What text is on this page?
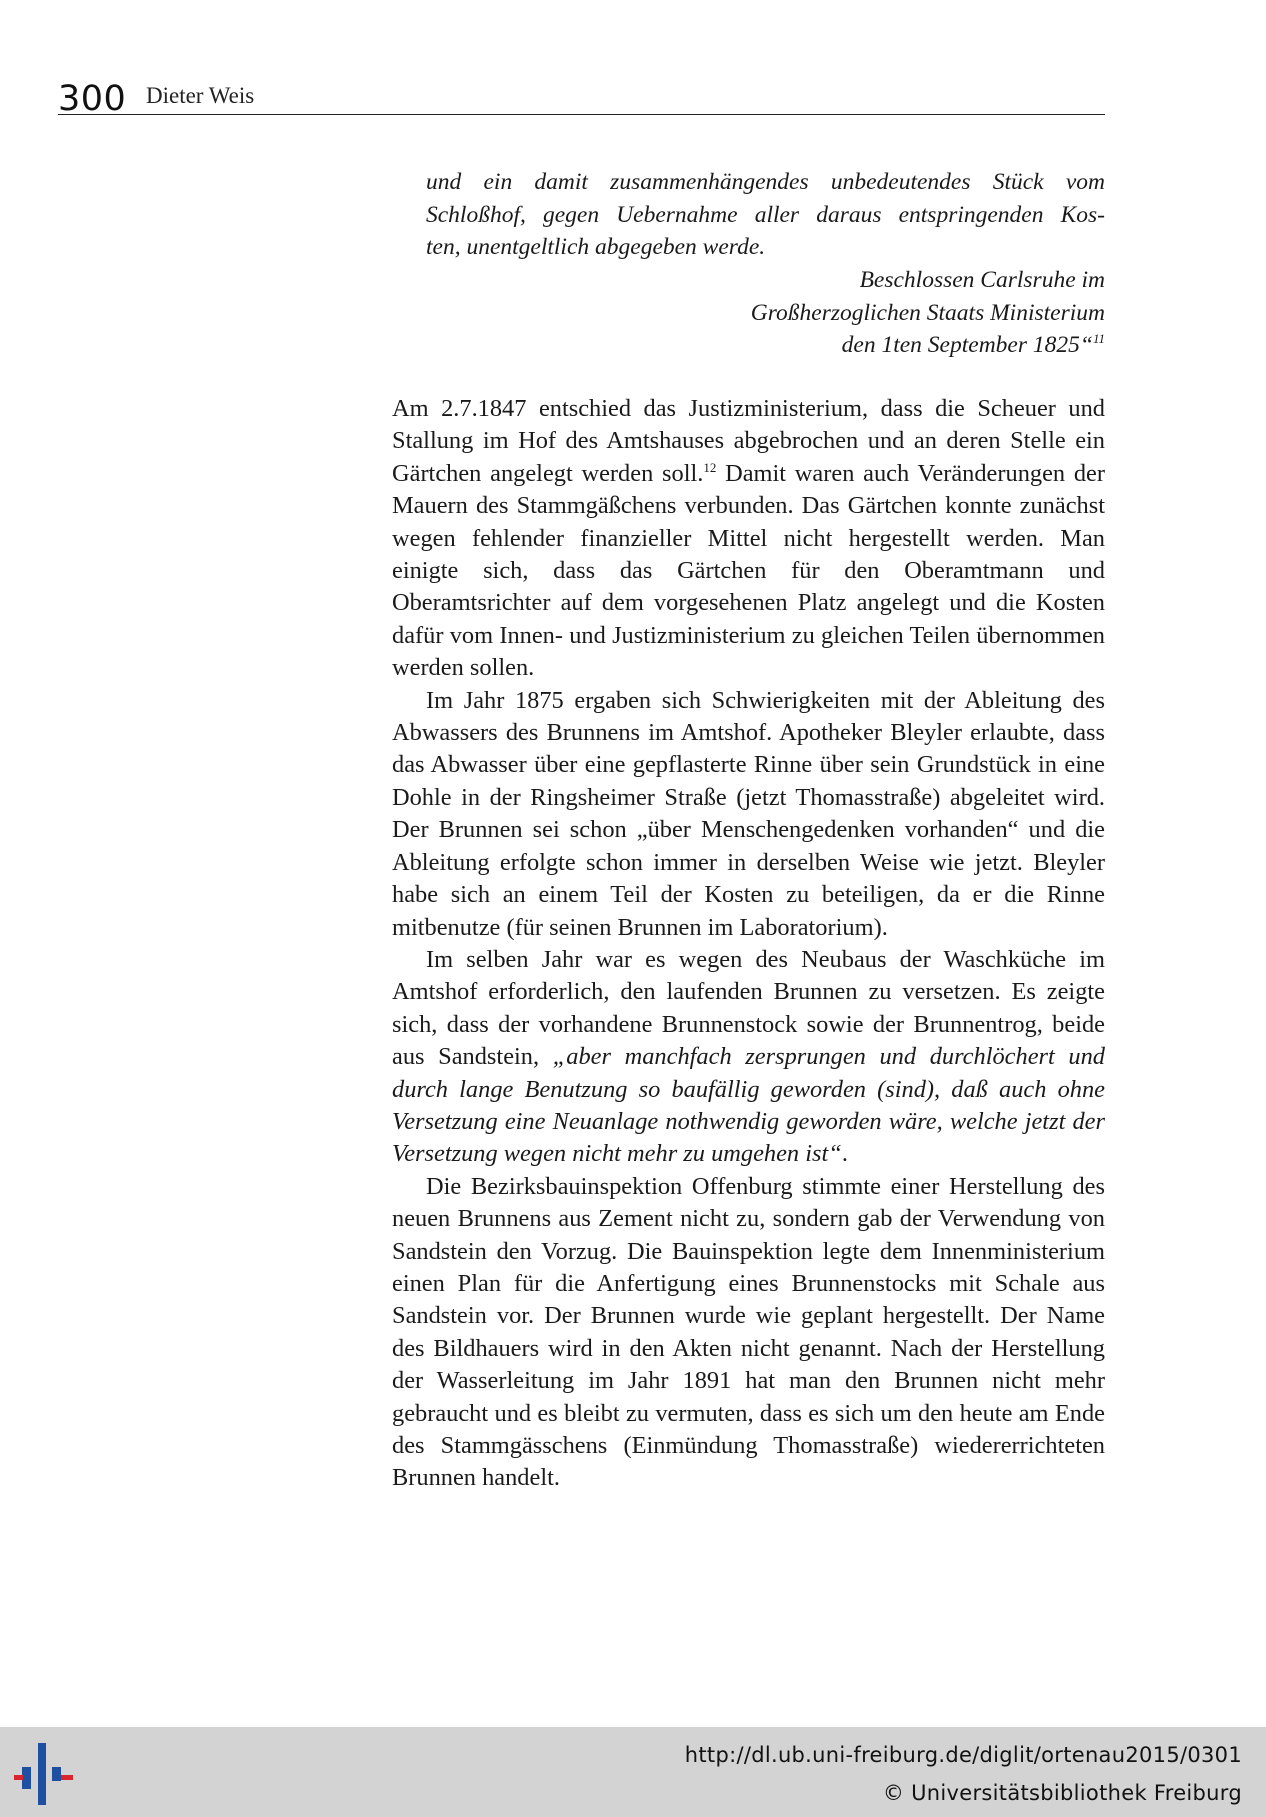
300 Dieter Weis

und ein damit zusammenhängendes unbedeutendes Stück vom

Schloßhof, gegen Uebernahme aller daraus entspringenden Kos-

ten, unentgeltlich abgegeben werde.

Beschlossen Carlsruhe im
Großherzoglichen Staats Ministerium
den 1ten September 1825“$^{11}$

Am 2.7.1847 entschied das Justizministerium, dass die Scheuer und Stallung im Hof des Amtshauses abgebrochen und an deren Stelle ein Gärtchen angelegt werden soll.$^{12}$ Damit waren auch Veränderungen der Mauern des Stammgäßchens verbunden. Das Gärtchen konnte zunächst wegen fehlender finanzieller Mittel nicht hergestellt werden. Man einigte sich, dass das Gärtchen für den Oberamtmann und Oberamtsrichter auf dem vorgesehenen Platz angelegt und die Kosten dafür vom Innen- und Justizministerium zu gleichen Teilen übernommen werden sollen.

Im Jahr 1875 ergaben sich Schwierigkeiten mit der Ableitung des Abwassers des Brunnens im Amtshof. Apotheker Bleyler erlaubte, dass das Abwasser über eine gepflasterte Rinne über sein Grundstück in eine Dohle in der Ringsheimer Straße (jetzt Thomasstraße) abgeleitet wird. Der Brunnen sei schon „über Menschengedenken vorhanden“ und die Ableitung erfolgte schon immer in derselben Weise wie jetzt. Bleyler habe sich an einem Teil der Kosten zu beteiligen, da er die Rinne mitbenutze (für seinen Brunnen im Laboratorium).

Im selben Jahr war es wegen des Neubaus der Waschküche im Amtshof erforderlich, den laufenden Brunnen zu versetzen. Es zeigte sich, dass der vorhandene Brunnenstock sowie der Brunnentrog, beide aus Sandstein, „aber manchfach zersprungen und durchlöchert und durch lange Benutzung so baufällig geworden (sind), daß auch ohne Versetzung eine Neuanlage nothwendig geworden wäre, welche jetzt der Versetzung wegen nicht mehr zu umgehen ist“.

Die Bezirksbauinspektion Offenburg stimmte einer Herstellung des neuen Brunnens aus Zement nicht zu, sondern gab der Verwendung von Sandstein den Vorzug. Die Bauinspektion legte dem Innenministerium einen Plan für die Anfertigung eines Brunnenstocks mit Schale aus Sandstein vor. Der Brunnen wurde wie geplant hergestellt. Der Name des Bildhauers wird in den Akten nicht genannt. Nach der Herstellung der Wasserleitung im Jahr 1891 hat man den Brunnen nicht mehr gebraucht und es bleibt zu vermuten, dass es sich um den heute am Ende des Stammgässchens (Einmündung Thomasstraße) wiedererrichteten Brunnen handelt.

http://dl.ub.uni-freiburg.de/diglit/ortenau2015/0301
© Universitätsbibliothek Freiburg
